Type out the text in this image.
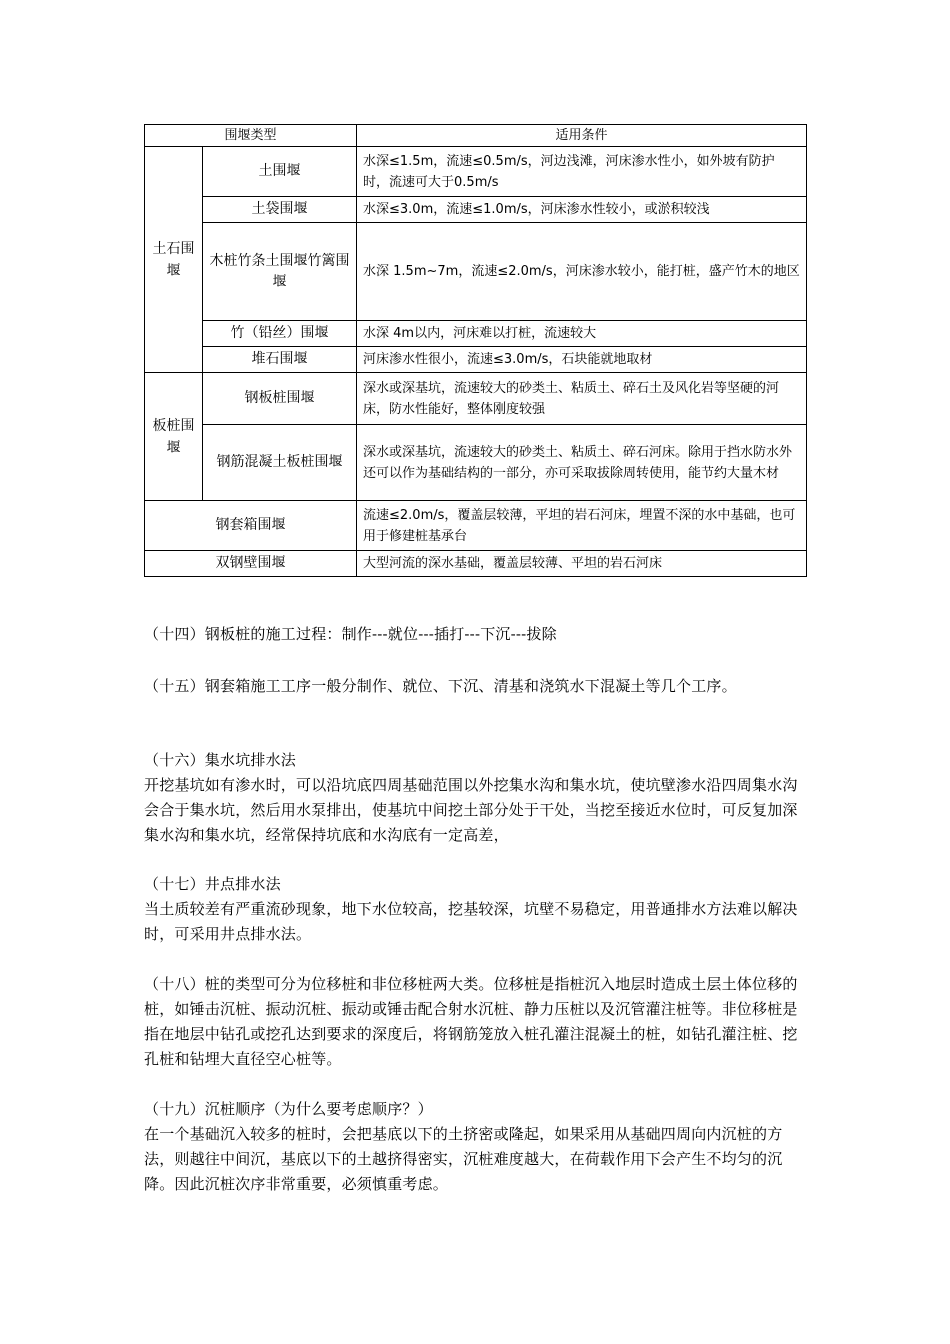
围堰类型		适用条件
土石围堰	土围堰	水深≤1.5m，流速≤0.5m/s，河边浅滩，河床渗水性小，如外坡有防护时，流速可大于0.5m/s
	土袋围堰	水深≤3.0m，流速≤1.0m/s，河床渗水性较小，或淤积较浅
	木桩竹条土围堰竹篱围堰	水深 1.5m~7m，流速≤2.0m/s，河床渗水较小，能打桩，盛产竹木的地区
	竹（铅丝）围堰	水深 4m以内，河床难以打桩，流速较大
	堆石围堰	河床渗水性很小，流速≤3.0m/s，石块能就地取材
板桩围堰	钢板桩围堰	深水或深基坑，流速较大的砂类土、粘质土、碎石土及风化岩等坚硬的河床，防水性能好，整体刚度较强
	钢筋混凝土板桩围堰	深水或深基坑，流速较大的砂类土、粘质土、碎石河床。除用于挡水防水外还可以作为基础结构的一部分，亦可采取拔除周转使用，能节约大量木材
钢套箱围堰		流速≤2.0m/s，覆盖层较薄，平坦的岩石河床，埋置不深的水中基础，也可用于修建桩基承台
双钢壁围堰		大型河流的深水基础，覆盖层较薄、平坦的岩石河床

（十四）钢板桩的施工过程：制作---就位---插打---下沉---拔除

（十五）钢套箱施工工序一般分制作、就位、下沉、清基和浇筑水下混凝土等几个工序。

（十六）集水坑排水法

开挖基坑如有渗水时，可以沿坑底四周基础范围以外挖集水沟和集水坑，使坑壁渗水沿四周集水沟会合于集水坑，然后用水泵排出，使基坑中间挖土部分处于干处，当挖至接近水位时，可反复加深集水沟和集水坑，经常保持坑底和水沟底有一定高差，

（十七）井点排水法

当土质较差有严重流砂现象，地下水位较高，挖基较深，坑壁不易稳定，用普通排水方法难以解决时，可采用井点排水法。

（十八）桩的类型可分为位移桩和非位移桩两大类。位移桩是指桩沉入地层时造成土层土体位移的桩，如锤击沉桩、振动沉桩、振动或锤击配合射水沉桩、静力压桩以及沉管灌注桩等。非位移桩是指在地层中钻孔或挖孔达到要求的深度后，将钢筋笼放入桩孔灌注混凝土的桩，如钻孔灌注桩、挖孔桩和钻埋大直径空心桩等。

（十九）沉桩顺序（为什么要考虑顺序？）

在一个基础沉入较多的桩时，会把基底以下的土挤密或隆起，如果采用从基础四周向内沉桩的方法，则越往中间沉，基底以下的土越挤得密实，沉桩难度越大，在荷载作用下会产生不均匀的沉降。因此沉桩次序非常重要，必须慎重考虑。
